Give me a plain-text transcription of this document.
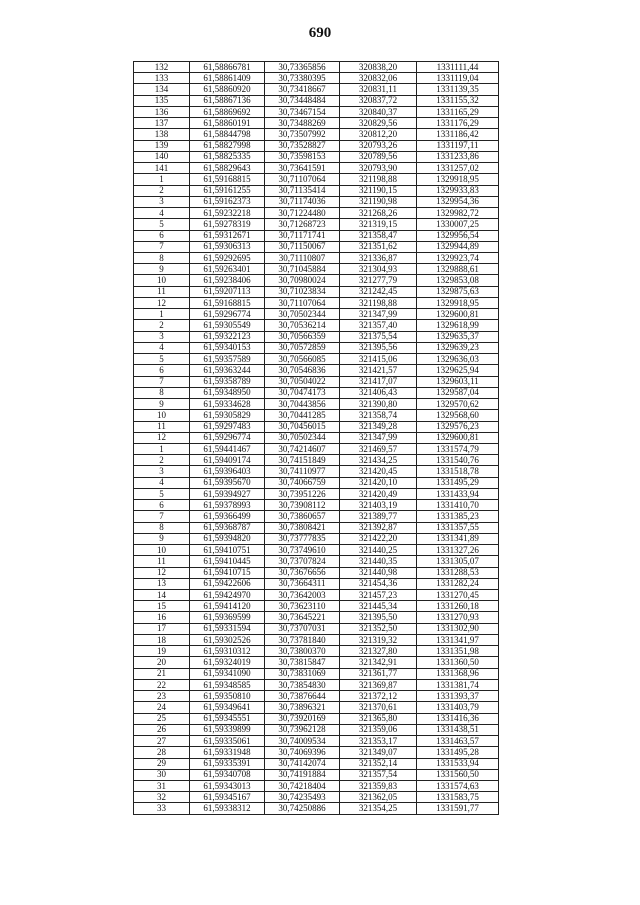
690
132	61,58866781	30,73365856	320838,20	1331111,44
133	61,58861409	30,73380395	320832,06	1331119,04
134	61,58860920	30,73418667	320831,11	1331139,35
135	61,58867136	30,73448484	320837,72	1331155,32
136	61,58869692	30,73467154	320840,37	1331165,29
137	61,58860191	30,73488269	320829,56	1331176,29
138	61,58844798	30,73507992	320812,20	1331186,42
139	61,58827998	30,73528827	320793,26	1331197,11
140	61,58825335	30,73598153	320789,56	1331233,86
141	61,58829643	30,73641591	320793,90	1331257,02
1	61,59168815	30,71107064	321198,88	1329918,95
2	61,59161255	30,71135414	321190,15	1329933,83
3	61,59162373	30,71174036	321190,98	1329954,36
4	61,59232218	30,71224480	321268,26	1329982,72
5	61,59278319	30,71268723	321319,15	1330007,25
6	61,59312671	30,71171741	321358,47	1329956,54
7	61,59306313	30,71150067	321351,62	1329944,89
8	61,59292695	30,71110807	321336,87	1329923,74
9	61,59263401	30,71045884	321304,93	1329888,61
10	61,59238406	30,70980024	321277,79	1329853,08
11	61,59207113	30,71023834	321242,45	1329875,63
12	61,59168815	30,71107064	321198,88	1329918,95
1	61,59296774	30,70502344	321347,99	1329600,81
2	61,59305549	30,70536214	321357,40	1329618,99
3	61,59322123	30,70566359	321375,54	1329635,37
4	61,59340153	30,70572859	321395,56	1329639,23
5	61,59357589	30,70566085	321415,06	1329636,03
6	61,59363244	30,70546836	321421,57	1329625,94
7	61,59358789	30,70504022	321417,07	1329603,11
8	61,59348950	30,70474173	321406,43	1329587,04
9	61,59334628	30,70443856	321390,80	1329570,62
10	61,59305829	30,70441285	321358,74	1329568,60
11	61,59297483	30,70456015	321349,28	1329576,23
12	61,59296774	30,70502344	321347,99	1329600,81
1	61,59441467	30,74214607	321469,57	1331574,79
2	61,59409174	30,74151849	321434,25	1331540,76
3	61,59396403	30,74110977	321420,45	1331518,78
4	61,59395670	30,74066759	321420,10	1331495,29
5	61,59394927	30,73951226	321420,49	1331433,94
6	61,59378993	30,73908112	321403,19	1331410,70
7	61,59366499	30,73860657	321389,77	1331385,23
8	61,59368787	30,73808421	321392,87	1331357,55
9	61,59394820	30,73777835	321422,20	1331341,89
10	61,59410751	30,73749610	321440,25	1331327,26
11	61,59410445	30,73707824	321440,35	1331305,07
12	61,59410715	30,73676656	321440,98	1331288,53
13	61,59422606	30,73664311	321454,36	1331282,24
14	61,59424970	30,73642003	321457,23	1331270,45
15	61,59414120	30,73623110	321445,34	1331260,18
16	61,59369599	30,73645221	321395,50	1331270,93
17	61,59331594	30,73707031	321352,50	1331302,90
18	61,59302526	30,73781840	321319,32	1331341,97
19	61,59310312	30,73800370	321327,80	1331351,98
20	61,59324019	30,73815847	321342,91	1331360,50
21	61,59341090	30,73831069	321361,77	1331368,96
22	61,59348585	30,73854830	321369,87	1331381,74
23	61,59350810	30,73876644	321372,12	1331393,37
24	61,59349641	30,73896321	321370,61	1331403,79
25	61,59345551	30,73920169	321365,80	1331416,36
26	61,59339899	30,73962128	321359,06	1331438,51
27	61,59335061	30,74009534	321353,17	1331463,57
28	61,59331948	30,74069396	321349,07	1331495,28
29	61,59335391	30,74142074	321352,14	1331533,94
30	61,59340708	30,74191884	321357,54	1331560,50
31	61,59343013	30,74218404	321359,83	1331574,63
32	61,59345167	30,74235493	321362,05	1331583,75
33	61,59338312	30,74250886	321354,25	1331591,77
